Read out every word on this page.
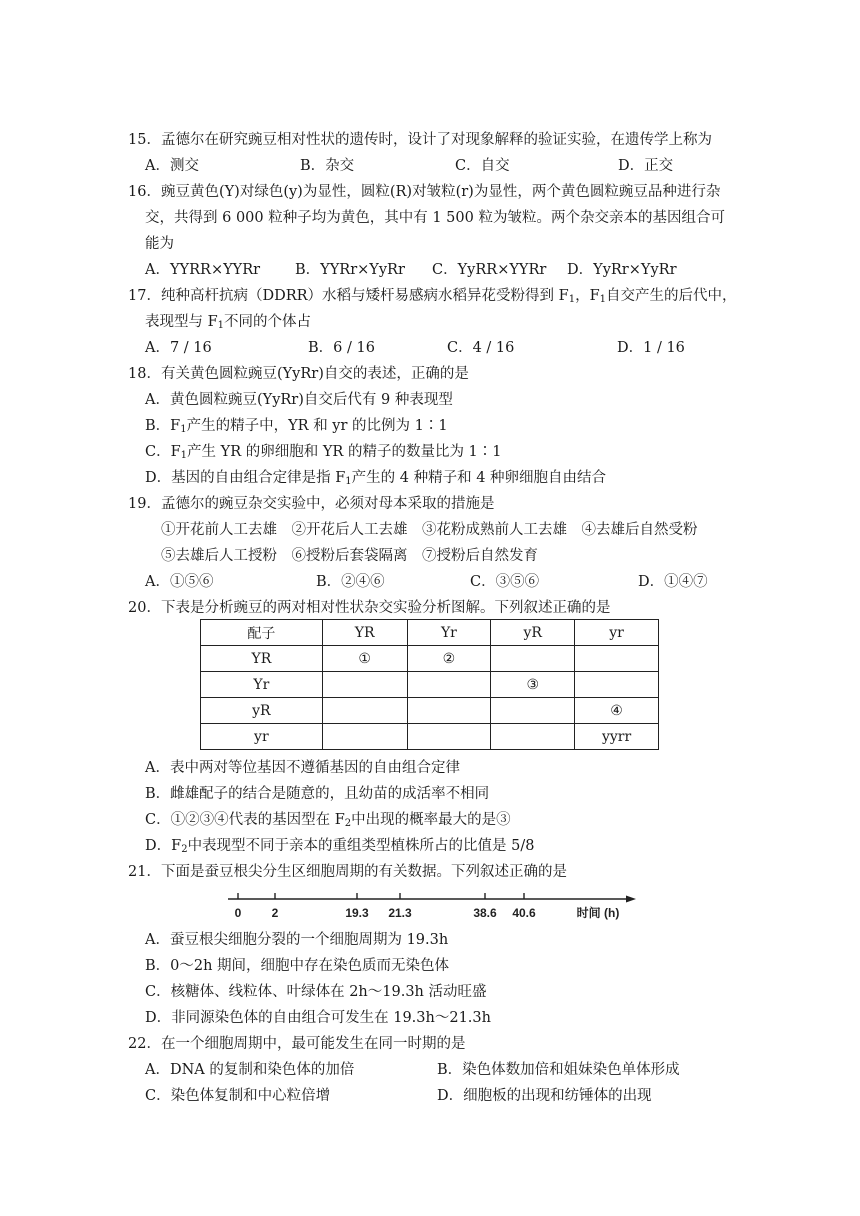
15．孟德尔在研究豌豆相对性状的遗传时，设计了对现象解释的验证实验，在遗传学上称为
A．测交	B．杂交	C．自交	D．正交
16．豌豆黄色(Y)对绿色(y)为显性，圆粒(R)对皱粒(r)为显性，两个黄色圆粒豌豆品种进行杂
交，共得到 6 000 粒种子均为黄色，其中有 1 500 粒为皱粒。两个杂交亲本的基因组合可
能为
A．YYRR×YYRr B．YYRr×YyRr C．YyRR×YYRr D．YyRr×YyRr
17．纯种高杆抗病（DDRR）水稻与矮杆易感病水稻异花受粉得到 $F_1$，$F_1$自交产生的后代中，
表现型与 $F_1$不同的个体占
A．7 / 16	B．6 / 16	C．4 / 16	D．1 / 16
18．有关黄色圆粒豌豆(YyRr)自交的表述，正确的是
A．黄色圆粒豌豆(YyRr)自交后代有 9 种表现型
B．$F_1$产生的精子中，YR 和 yr 的比例为 1∶1
C．$F_1$产生 YR 的卵细胞和 YR 的精子的数量比为 1∶1
D．基因的自由组合定律是指 $F_1$产生的 4 种精子和 4 种卵细胞自由结合
19．孟德尔的豌豆杂交实验中，必须对母本采取的措施是
①开花前人工去雄　②开花后人工去雄　③花粉成熟前人工去雄　④去雄后自然受粉
⑤去雄后人工授粉　⑥授粉后套袋隔离　⑦授粉后自然发育
A．①⑤⑥	B．②④⑥	C．③⑤⑥	D．①④⑦
20．下表是分析豌豆的两对相对性状杂交实验分析图解。下列叙述正确的是
配子	YR	Yr	yR	yr
YR	①	②		
Yr			③	
yR				④
yr				yyrr
A．表中两对等位基因不遵循基因的自由组合定律
B．雌雄配子的结合是随意的，且幼苗的成活率不相同
C．①②③④代表的基因型在 $F_2$中出现的概率最大的是③
D．$F_2$中表现型不同于亲本的重组类型植株所占的比值是 5/8
21．下面是蚕豆根尖分生区细胞周期的有关数据。下列叙述正确的是
0	2	19.3 21.3	38.6 40.6	时间 (h)
A．蚕豆根尖细胞分裂的一个细胞周期为 19.3h
B．0～2h 期间，细胞中存在染色质而无染色体
C．核糖体、线粒体、叶绿体在 2h～19.3h 活动旺盛
D．非同源染色体的自由组合可发生在 19.3h～21.3h
22．在一个细胞周期中，最可能发生在同一时期的是
A．DNA 的复制和染色体的加倍	B．染色体数加倍和姐妹染色单体形成
C．染色体复制和中心粒倍增	D．细胞板的出现和纺锤体的出现
